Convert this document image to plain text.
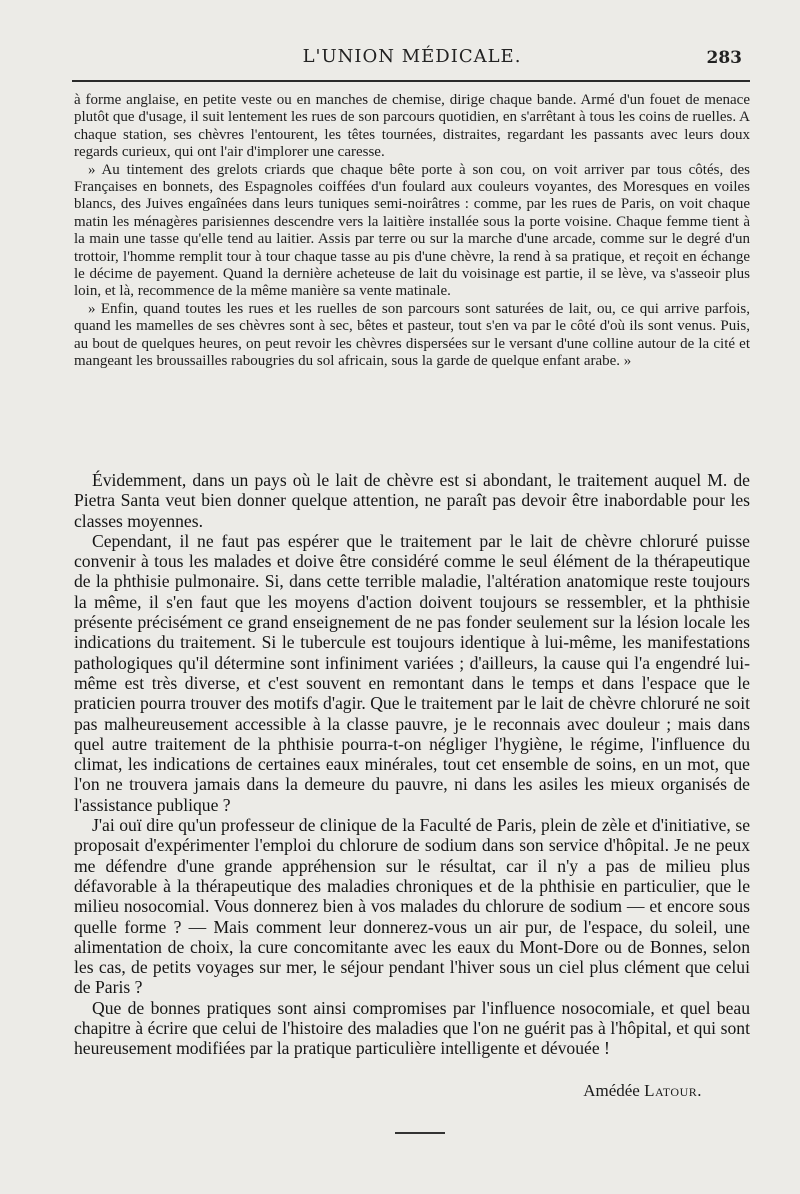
L'UNION MÉDICALE.	283

à forme anglaise, en petite veste ou en manches de chemise, dirige chaque bande. Armé d'un fouet de menace plutôt que d'usage, il suit lentement les rues de son parcours quotidien, en s'arrêtant à tous les coins de ruelles. A chaque station, ses chèvres l'entourent, les têtes tournées, distraites, regardant les passants avec leurs doux regards curieux, qui ont l'air d'implorer une caresse.

» Au tintement des grelots criards que chaque bête porte à son cou, on voit arriver par tous côtés, des Françaises en bonnets, des Espagnoles coiffées d'un foulard aux couleurs voyantes, des Moresques en voiles blancs, des Juives engaînées dans leurs tuniques semi-noirâtres : comme, par les rues de Paris, on voit chaque matin les ménagères parisiennes descendre vers la laitière installée sous la porte voisine. Chaque femme tient à la main une tasse qu'elle tend au laitier. Assis par terre ou sur la marche d'une arcade, comme sur le degré d'un trottoir, l'homme remplit tour à tour chaque tasse au pis d'une chèvre, la rend à sa pratique, et reçoit en échange le décime de payement. Quand la dernière acheteuse de lait du voisinage est partie, il se lève, va s'asseoir plus loin, et là, recommence de la même manière sa vente matinale.

» Enfin, quand toutes les rues et les ruelles de son parcours sont saturées de lait, ou, ce qui arrive parfois, quand les mamelles de ses chèvres sont à sec, bêtes et pasteur, tout s'en va par le côté d'où ils sont venus. Puis, au bout de quelques heures, on peut revoir les chèvres dispersées sur le versant d'une colline autour de la cité et mangeant les broussailles rabougries du sol africain, sous la garde de quelque enfant arabe. »

Évidemment, dans un pays où le lait de chèvre est si abondant, le traitement auquel M. de Pietra Santa veut bien donner quelque attention, ne paraît pas devoir être inabordable pour les classes moyennes.

Cependant, il ne faut pas espérer que le traitement par le lait de chèvre chloruré puisse convenir à tous les malades et doive être considéré comme le seul élément de la thérapeutique de la phthisie pulmonaire. Si, dans cette terrible maladie, l'altération anatomique reste toujours la même, il s'en faut que les moyens d'action doivent toujours se ressembler, et la phthisie présente précisément ce grand enseignement de ne pas fonder seulement sur la lésion locale les indications du traitement. Si le tubercule est toujours identique à lui-même, les manifestations pathologiques qu'il détermine sont infiniment variées ; d'ailleurs, la cause qui l'a engendré lui-même est très diverse, et c'est souvent en remontant dans le temps et dans l'espace que le praticien pourra trouver des motifs d'agir. Que le traitement par le lait de chèvre chloruré ne soit pas malheureusement accessible à la classe pauvre, je le reconnais avec douleur ; mais dans quel autre traitement de la phthisie pourra-t-on négliger l'hygiène, le régime, l'influence du climat, les indications de certaines eaux minérales, tout cet ensemble de soins, en un mot, que l'on ne trouvera jamais dans la demeure du pauvre, ni dans les asiles les mieux organisés de l'assistance publique ?

J'ai ouï dire qu'un professeur de clinique de la Faculté de Paris, plein de zèle et d'initiative, se proposait d'expérimenter l'emploi du chlorure de sodium dans son service d'hôpital. Je ne peux me défendre d'une grande appréhension sur le résultat, car il n'y a pas de milieu plus défavorable à la thérapeutique des maladies chroniques et de la phthisie en particulier, que le milieu nosocomial. Vous donnerez bien à vos malades du chlorure de sodium — et encore sous quelle forme ? — Mais comment leur donnerez-vous un air pur, de l'espace, du soleil, une alimentation de choix, la cure concomitante avec les eaux du Mont-Dore ou de Bonnes, selon les cas, de petits voyages sur mer, le séjour pendant l'hiver sous un ciel plus clément que celui de Paris ?

Que de bonnes pratiques sont ainsi compromises par l'influence nosocomiale, et quel beau chapitre à écrire que celui de l'histoire des maladies que l'on ne guérit pas à l'hôpital, et qui sont heureusement modifiées par la pratique particulière intelligente et dévouée !

Amédée Latour.
